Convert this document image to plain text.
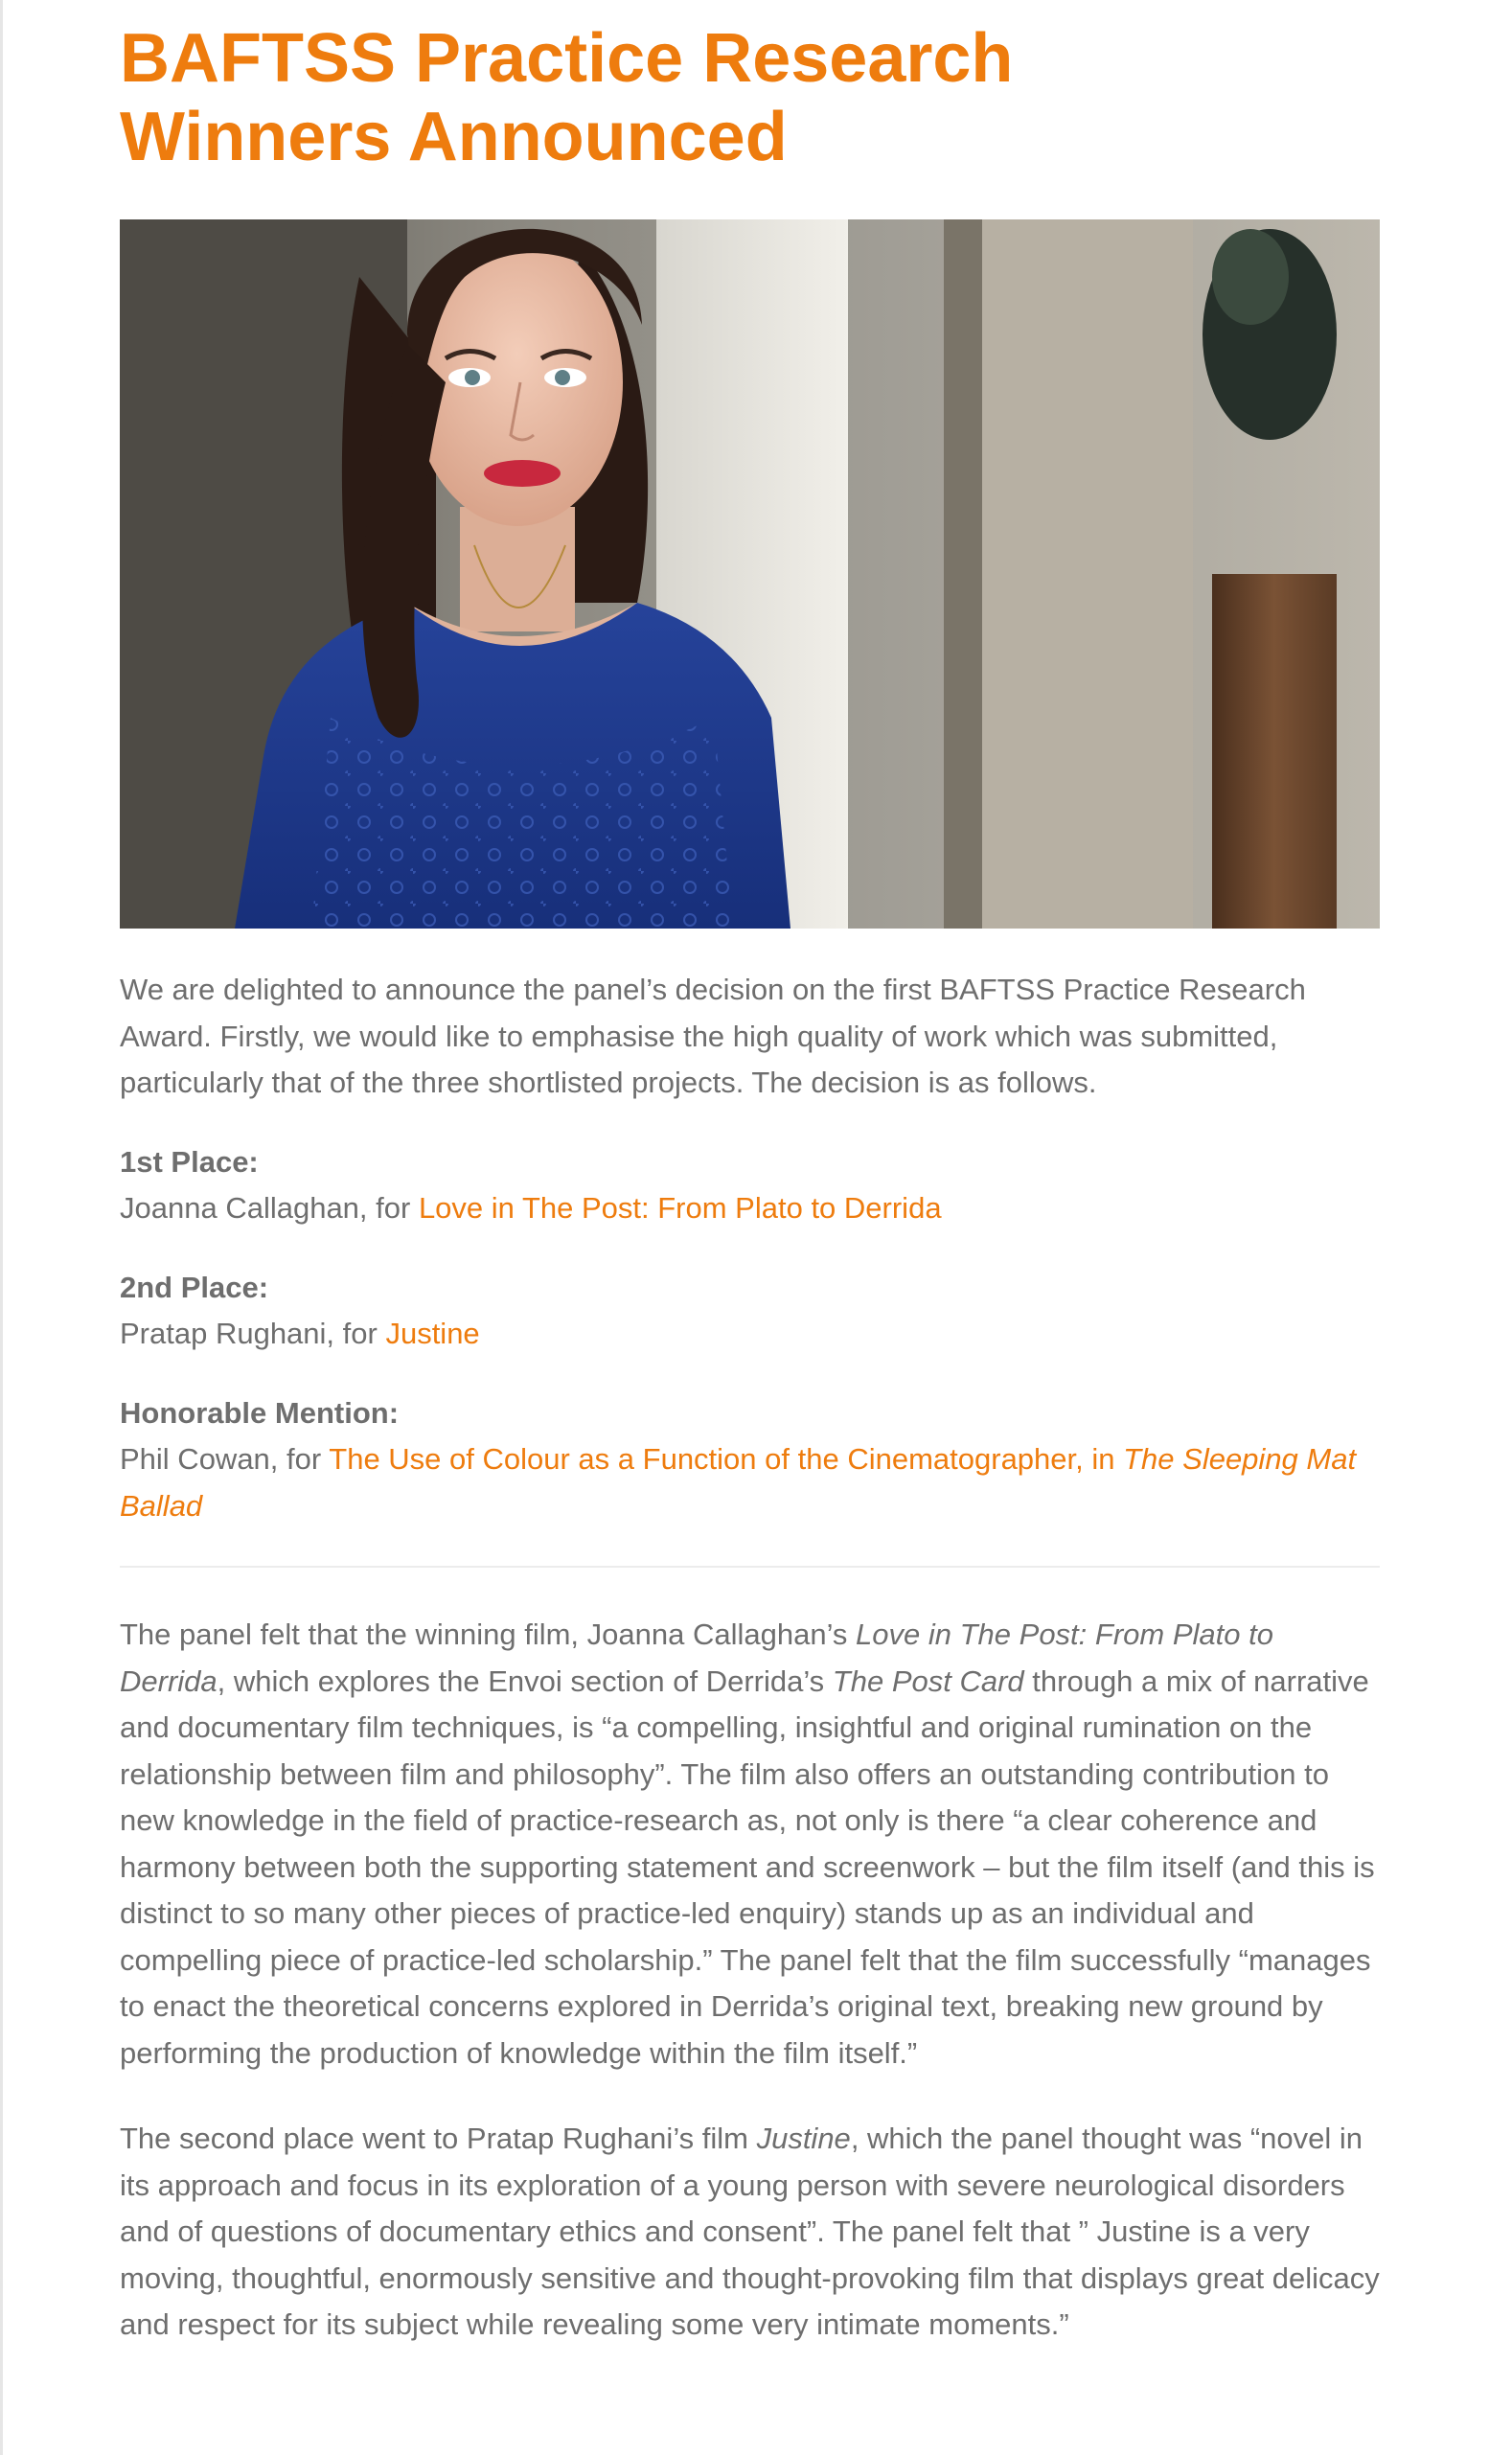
BAFTSS Practice Research
Winners Announced

We are delighted to announce the panel’s decision on the first BAFTSS Practice Research Award. Firstly, we would like to emphasise the high quality of work which was submitted, particularly that of the three shortlisted projects. The decision is as follows.

1st Place:
Joanna Callaghan, for Love in The Post: From Plato to Derrida
2nd Place:
Pratap Rughani, for Justine
Honorable Mention:
Phil Cowan, for The Use of Colour as a Function of the Cinematographer, in The Sleeping Mat Ballad

The panel felt that the winning film, Joanna Callaghan’s Love in The Post: From Plato to Derrida, which explores the Envoi section of Derrida’s The Post Card through a mix of narrative and documentary film techniques, is “a compelling, insightful and original rumination on the relationship between film and philosophy”. The film also offers an outstanding contribution to new knowledge in the field of practice-research as, not only is there “a clear coherence and harmony between both the supporting statement and screenwork – but the film itself (and this is distinct to so many other pieces of practice-led enquiry) stands up as an individual and compelling piece of practice-led scholarship.” The panel felt that the film successfully “manages to enact the theoretical concerns explored in Derrida’s original text, breaking new ground by performing the production of knowledge within the film itself.”

The second place went to Pratap Rughani’s film Justine, which the panel thought was “novel in its approach and focus in its exploration of a young person with severe neurological disorders and of questions of documentary ethics and consent”. The panel felt that ” Justine is a very moving, thoughtful, enormously sensitive and thought-provoking film that displays great delicacy and respect for its subject while revealing some very intimate moments.”
